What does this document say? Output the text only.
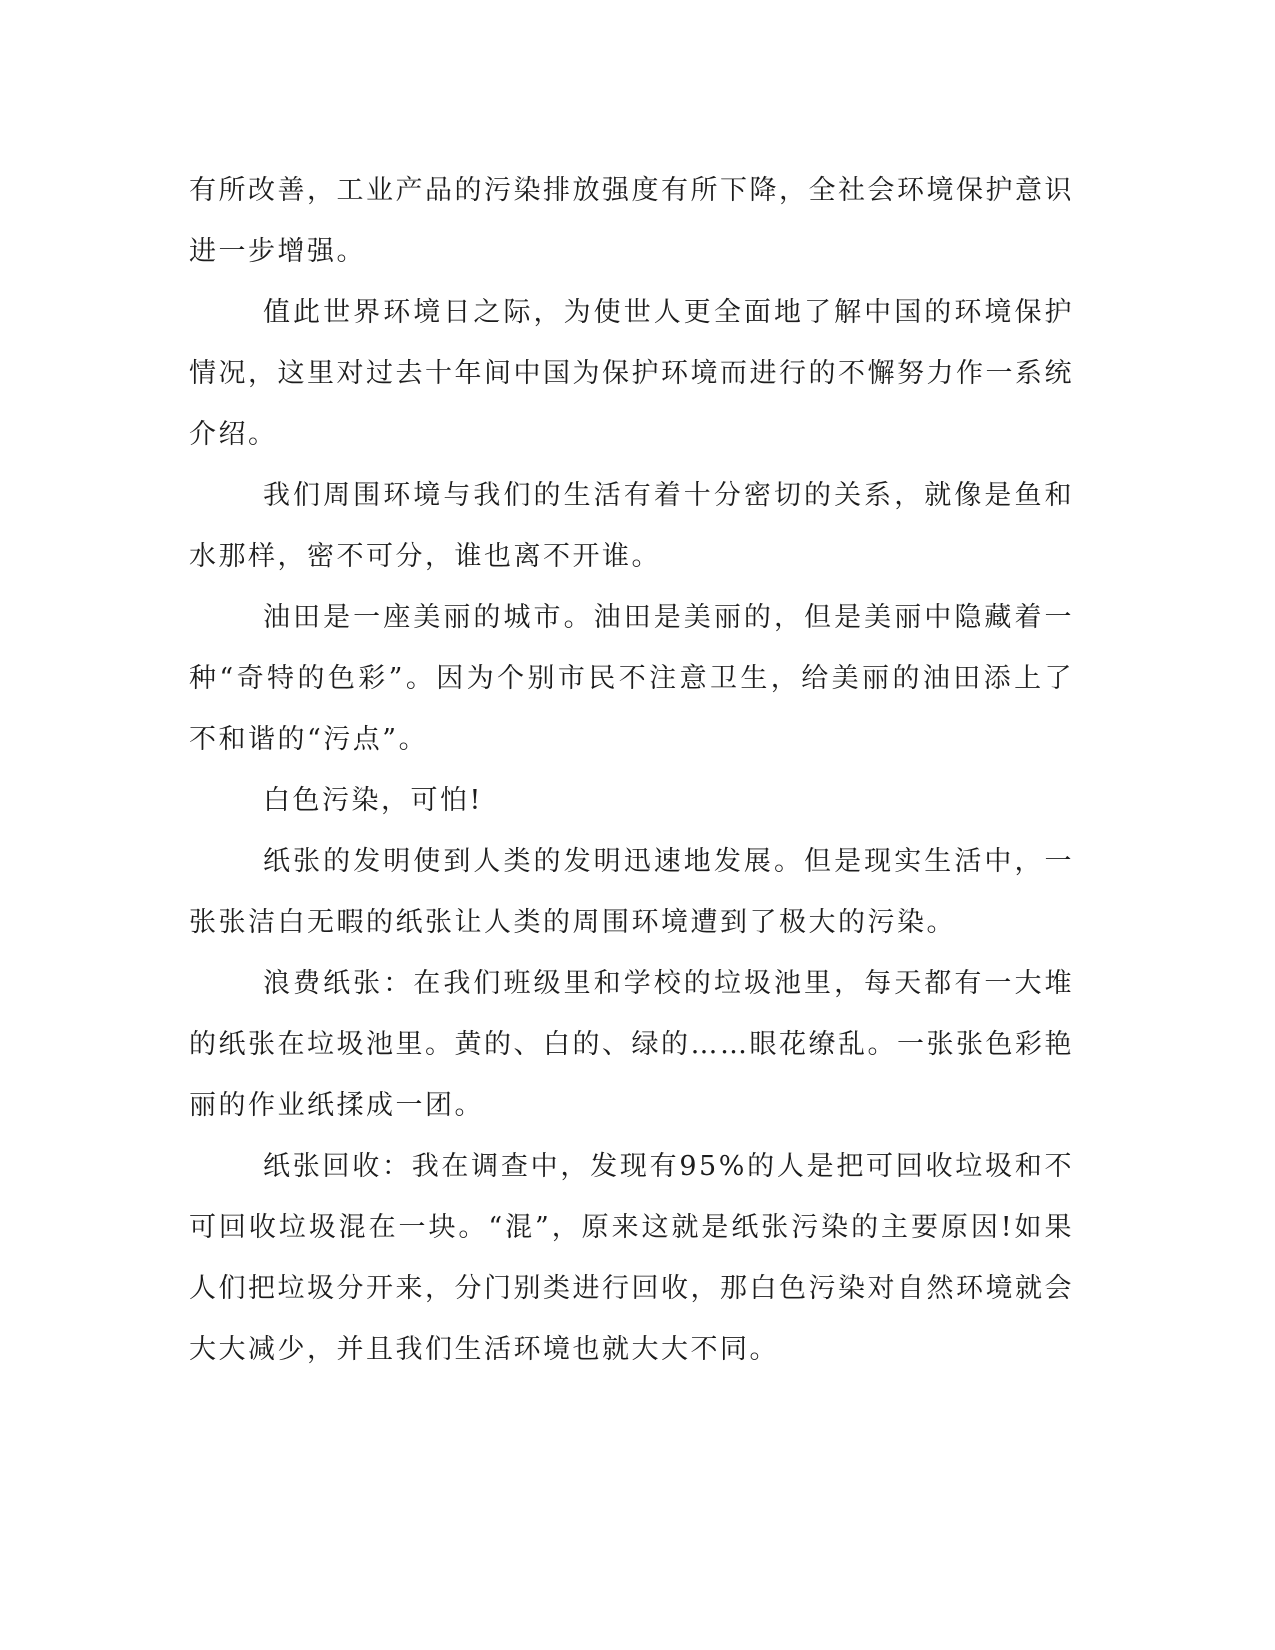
有所改善，工业产品的污染排放强度有所下降，全社会环境保护意识进一步增强。

值此世界环境日之际，为使世人更全面地了解中国的环境保护情况，这里对过去十年间中国为保护环境而进行的不懈努力作一系统介绍。

我们周围环境与我们的生活有着十分密切的关系，就像是鱼和水那样，密不可分，谁也离不开谁。

油田是一座美丽的城市。油田是美丽的，但是美丽中隐藏着一种“奇特的色彩”。因为个别市民不注意卫生，给美丽的油田添上了不和谐的“污点”。

白色污染，可怕!

纸张的发明使到人类的发明迅速地发展。但是现实生活中，一张张洁白无暇的纸张让人类的周围环境遭到了极大的污染。

浪费纸张：在我们班级里和学校的垃圾池里，每天都有一大堆的纸张在垃圾池里。黄的、白的、绿的……眼花缭乱。一张张色彩艳丽的作业纸揉成一团。

纸张回收：我在调查中，发现有95%的人是把可回收垃圾和不可回收垃圾混在一块。“混”，原来这就是纸张污染的主要原因!如果人们把垃圾分开来，分门别类进行回收，那白色污染对自然环境就会大大减少，并且我们生活环境也就大大不同。
